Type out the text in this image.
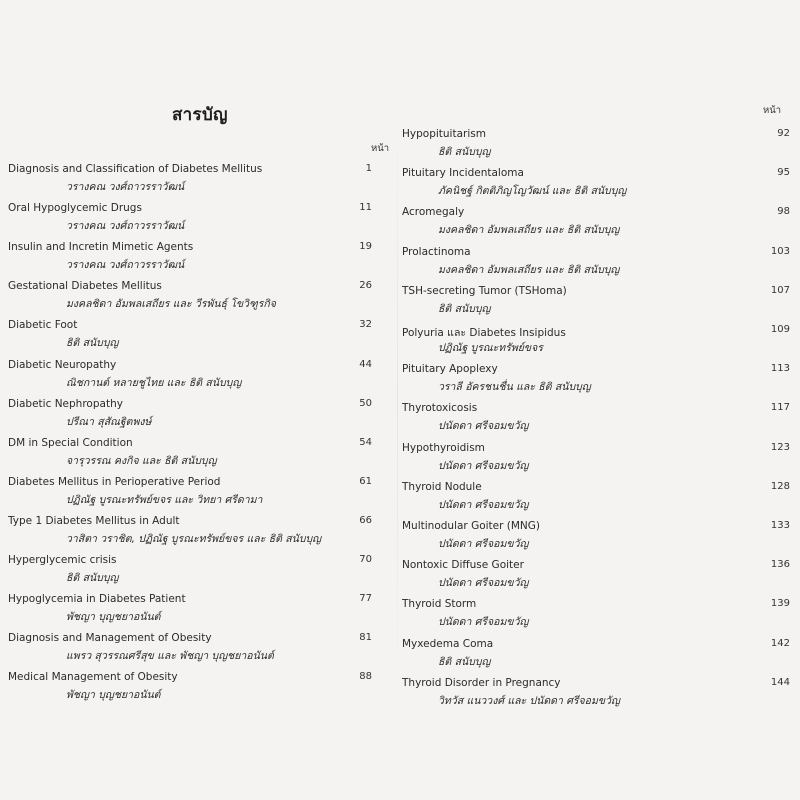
สารบัญ
หน้า
หน้า
Diagnosis and Classification of Diabetes Mellitus
วรางคณ วงศ์ถาวรราวัฒน์
1
Oral Hypoglycemic Drugs
วรางคณ วงศ์ถาวรราวัฒน์
11
Insulin and Incretin Mimetic Agents
วรางคณ วงศ์ถาวรราวัฒน์
19
Gestational Diabetes Mellitus
มงคลชิดา อัมพลเสถียร และ วีรพันธุ์ โขวิฑูรกิจ
26
Diabetic Foot
ธิติ สนับบุญ
32
Diabetic Neuropathy
ณิชกานต์ หลายชูไทย และ ธิติ สนับบุญ
44
Diabetic Nephropathy
ปรีณา สุสัณฐิตพงษ์
50
DM in Special Condition
จารุวรรณ คงกิจ และ ธิติ สนับบุญ
54
Diabetes Mellitus in Perioperative Period
ปฏิณัฐ บูรณะทรัพย์ขจร และ วิทยา ศรีดามา
61
Type 1 Diabetes Mellitus in Adult
วาสิตา วราชิต, ปฏิณัฐ บูรณะทรัพย์ขจร และ ธิติ สนับบุญ
66
Hyperglycemic crisis
ธิติ สนับบุญ
70
Hypoglycemia in Diabetes Patient
พัชญา บุญชยาอนันต์
77
Diagnosis and Management of Obesity
แพรว สุวรรณศรีสุข และ พัชญา บุญชยาอนันต์
81
Medical Management of Obesity
พัชญา บุญชยาอนันต์
88
Hypopituitarism
ธิติ สนับบุญ
92
Pituitary Incidentaloma
ภัคนิชฐ์ กิตติภิญโญวัฒน์ และ ธิติ สนับบุญ
95
Acromegaly
มงคลชิดา อัมพลเสถียร และ ธิติ สนับบุญ
98
Prolactinoma
มงคลชิดา อัมพลเสถียร และ ธิติ สนับบุญ
103
TSH-secreting Tumor (TSHoma)
ธิติ สนับบุญ
107
Polyuria และ Diabetes Insipidus
ปฏิณัฐ บูรณะทรัพย์ขจร
109
Pituitary Apoplexy
วราลี อัครชนชื่น และ ธิติ สนับบุญ
113
Thyrotoxicosis
ปนัดดา ศรีจอมขวัญ
117
Hypothyroidism
ปนัดดา ศรีจอมขวัญ
123
Thyroid Nodule
ปนัดดา ศรีจอมขวัญ
128
Multinodular Goiter (MNG)
ปนัดดา ศรีจอมขวัญ
133
Nontoxic Diffuse Goiter
ปนัดดา ศรีจอมขวัญ
136
Thyroid Storm
ปนัดดา ศรีจอมขวัญ
139
Myxedema Coma
ธิติ สนับบุญ
142
Thyroid Disorder in Pregnancy
วิทวัส แนววงศ์ และ ปนัดดา ศรีจอมขวัญ
144
